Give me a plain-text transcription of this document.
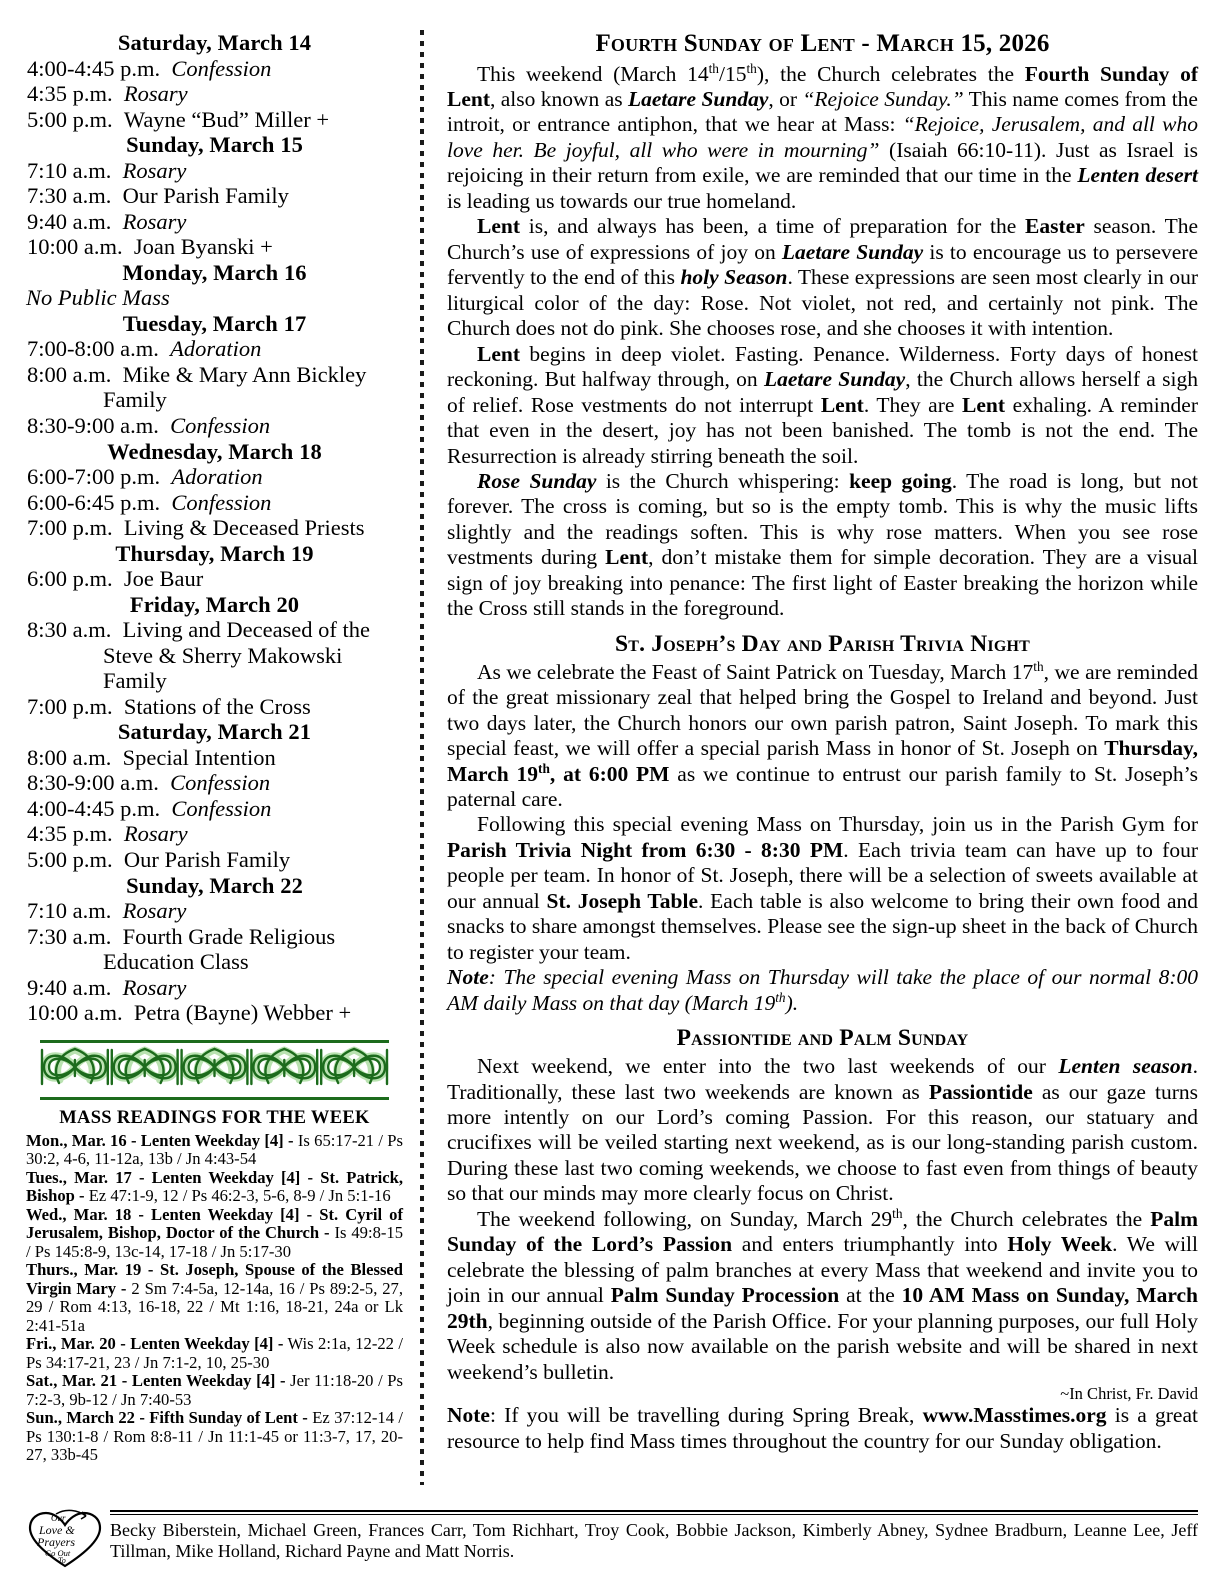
Saturday, March 14
4:00-4:45 p.m.  Confession
4:35 p.m.  Rosary
5:00 p.m.  Wayne “Bud” Miller +
Sunday, March 15
7:10 a.m.  Rosary
7:30 a.m.  Our Parish Family
9:40 a.m.  Rosary
10:00 a.m.  Joan Byanski +
Monday, March 16
No Public Mass
Tuesday, March 17
7:00-8:00 a.m.  Adoration
8:00 a.m.  Mike & Mary Ann Bickley
Family
8:30-9:00 a.m.  Confession
Wednesday, March 18
6:00-7:00 p.m.  Adoration
6:00-6:45 p.m.  Confession
7:00 p.m.  Living & Deceased Priests
Thursday, March 19
6:00 p.m.  Joe Baur
Friday, March 20
8:30 a.m.  Living and Deceased of the
Steve & Sherry Makowski Family
7:00 p.m.  Stations of the Cross
Saturday, March 21
8:00 a.m.  Special Intention
8:30-9:00 a.m.  Confession
4:00-4:45 p.m.  Confession
4:35 p.m.  Rosary
5:00 p.m.  Our Parish Family
Sunday, March 22
7:10 a.m.  Rosary
7:30 a.m.  Fourth Grade Religious
Education Class
9:40 a.m.  Rosary
10:00 a.m.  Petra (Bayne) Webber +
MASS READINGS FOR THE WEEK
Mon., Mar. 16 - Lenten Weekday [4] - Is 65:17-21 / Ps 30:2, 4-6, 11-12a, 13b / Jn 4:43-54
Tues., Mar. 17 - Lenten Weekday [4] - St. Patrick, Bishop - Ez 47:1-9, 12 / Ps 46:2-3, 5-6, 8-9 / Jn 5:1-16
Wed., Mar. 18 - Lenten Weekday [4] - St. Cyril of Jerusalem, Bishop, Doctor of the Church - Is 49:8-15 / Ps 145:8-9, 13c-14, 17-18 / Jn 5:17-30
Thurs., Mar. 19 - St. Joseph, Spouse of the Blessed Virgin Mary - 2 Sm 7:4-5a, 12-14a, 16 / Ps 89:2-5, 27, 29 / Rom 4:13, 16-18, 22 / Mt 1:16, 18-21, 24a or Lk 2:41-51a
Fri., Mar. 20 - Lenten Weekday [4] - Wis 2:1a, 12-22 / Ps 34:17-21, 23 / Jn 7:1-2, 10, 25-30
Sat., Mar. 21 - Lenten Weekday [4] - Jer 11:18-20 / Ps 7:2-3, 9b-12 / Jn 7:40-53
Sun., March 22 - Fifth Sunday of Lent - Ez 37:12-14 / Ps 130:1-8 / Rom 8:8-11 / Jn 11:1-45 or 11:3-7, 17, 20-27, 33b-45
Fourth Sunday of Lent - March 15, 2026

This weekend (March 14th/15th), the Church celebrates the Fourth Sunday of Lent, also known as Laetare Sunday, or “Rejoice Sunday.” This name comes from the introit, or entrance antiphon, that we hear at Mass: “Rejoice, Jerusalem, and all who love her. Be joyful, all who were in mourning” (Isaiah 66:10-11). Just as Israel is rejoicing in their return from exile, we are reminded that our time in the Lenten desert is leading us towards our true homeland.

Lent is, and always has been, a time of preparation for the Easter season. The Church’s use of expressions of joy on Laetare Sunday is to encourage us to persevere fervently to the end of this holy Season. These expressions are seen most clearly in our liturgical color of the day: Rose. Not violet, not red, and certainly not pink. The Church does not do pink. She chooses rose, and she chooses it with intention.

Lent begins in deep violet. Fasting. Penance. Wilderness. Forty days of honest reckoning. But halfway through, on Laetare Sunday, the Church allows herself a sigh of relief. Rose vestments do not interrupt Lent. They are Lent exhaling. A reminder that even in the desert, joy has not been banished. The tomb is not the end. The Resurrection is already stirring beneath the soil.

Rose Sunday is the Church whispering: keep going. The road is long, but not forever. The cross is coming, but so is the empty tomb. This is why the music lifts slightly and the readings soften. This is why rose matters. When you see rose vestments during Lent, don’t mistake them for simple decoration. They are a visual sign of joy breaking into penance: The first light of Easter breaking the horizon while the Cross still stands in the foreground.

St. Joseph’s Day and Parish Trivia Night

As we celebrate the Feast of Saint Patrick on Tuesday, March 17th, we are reminded of the great missionary zeal that helped bring the Gospel to Ireland and beyond. Just two days later, the Church honors our own parish patron, Saint Joseph. To mark this special feast, we will offer a special parish Mass in honor of St. Joseph on Thursday, March 19th, at 6:00 PM as we continue to entrust our parish family to St. Joseph’s paternal care.

Following this special evening Mass on Thursday, join us in the Parish Gym for Parish Trivia Night from 6:30 - 8:30 PM. Each trivia team can have up to four people per team. In honor of St. Joseph, there will be a selection of sweets available at our annual St. Joseph Table. Each table is also welcome to bring their own food and snacks to share amongst themselves. Please see the sign-up sheet in the back of Church to register your team.

Note: The special evening Mass on Thursday will take the place of our normal 8:00 AM daily Mass on that day (March 19th).

Passiontide and Palm Sunday

Next weekend, we enter into the two last weekends of our Lenten season. Traditionally, these last two weekends are known as Passiontide as our gaze turns more intently on our Lord’s coming Passion. For this reason, our statuary and crucifixes will be veiled starting next weekend, as is our long-standing parish custom. During these last two coming weekends, we choose to fast even from things of beauty so that our minds may more clearly focus on Christ.

The weekend following, on Sunday, March 29th, the Church celebrates the Palm Sunday of the Lord’s Passion and enters triumphantly into Holy Week. We will celebrate the blessing of palm branches at every Mass that weekend and invite you to join in our annual Palm Sunday Procession at the 10 AM Mass on Sunday, March 29th, beginning outside of the Parish Office. For your planning purposes, our full Holy Week schedule is also now available on the parish website and will be shared in next weekend’s bulletin.

~In Christ, Fr. David

Note: If you will be travelling during Spring Break, www.Masstimes.org is a great resource to help find Mass times throughout the country for our Sunday obligation.

Our
Love &
Prayers
Go Out
To
Becky Biberstein, Michael Green, Frances Carr, Tom Richhart, Troy Cook, Bobbie Jackson, Kimberly Abney, Sydnee Bradburn, Leanne Lee, Jeff Tillman, Mike Holland, Richard Payne and Matt Norris.
